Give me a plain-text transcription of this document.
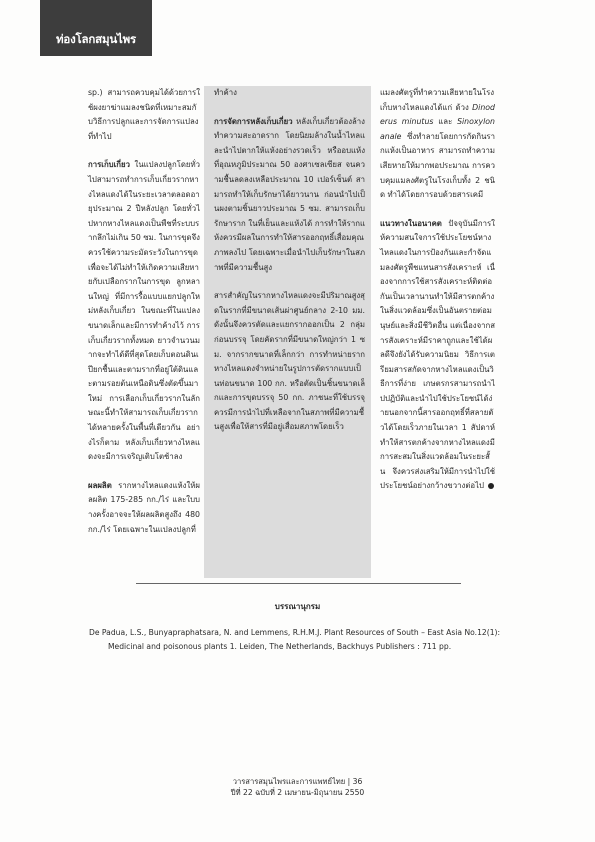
ท่องโลกสมุนไพร

sp.) สามารถควบคุมได้ด้วยการใช้ผงยาฆ่าแมลงชนิดที่เหมาะสมกับวิธีการปลูกและการจัดการแปลงที่ทำไป

การเก็บเกี่ยว ในแปลงปลูกโดยทั่วไปสามารถทำการเก็บเกี่ยวรากหางไหลแดงได้ในระยะเวลาตลอดอายุประมาณ 2 ปีหลังปลูก โดยทั่วไปหากหางไหลแดงเป็นพืชที่ระบบรากลึกไม่เกิน 50 ซม. ในการขุดจึงควรใช้ความระมัดระวังในการขุด เพื่อจะได้ไม่ทำให้เกิดความเสียหายกับเปลือกรากในการขุด ลูกหลานใหญ่ ที่มีการรื้อแบบแยกปลูกใหม่หลังเก็บเกี่ยว ในขณะที่ในแปลงขนาดเล็กและมีการทำค้างไว้ การเก็บเกี่ยวรากทั้งหมด ยาวจำนวนมากจะทำได้ดีที่สุดโดยเก็บตอนดินเปียกชื้นและตามรากที่อยู่ใต้ดินและตามรอยต้นเหนือดินซึ่งตัดขึ้นมาใหม่ การเลือกเก็บเกี่ยวรากในลักษณะนี้ทำให้สามารถเก็บเกี่ยวรากได้หลายครั้งในพื้นที่เดียวกัน อย่างไรก็ตาม หลังเก็บเกี่ยวหางไหลแดงจะมีการเจริญเติบโตช้าลง

ผลผลิต รากหางไหลแดงแห้งให้ผลผลิต 175-285 กก./ไร่ และใบบางครั้งอาจจะให้ผลผลิตสูงถึง 480 กก./ไร่ โดยเฉพาะในแปลงปลูกที่

ทำค้าง

การจัดการหลังเก็บเกี่ยว หลังเก็บเกี่ยวต้องล้างทำความสะอาดราก โดยนิยมล้างในน้ำไหลและนำไปตากให้แห้งอย่างรวดเร็ว หรืออบแห้งที่อุณหภูมิประมาณ 50 องศาเซลเซียส จนความชื้นลดลงเหลือประมาณ 10 เปอร์เซ็นต์ สามารถทำให้เก็บรักษาได้ยาวนาน ก่อนนำไปเป็นผงตามชิ้นยาวประมาณ 5 ซม. สามารถเก็บรักษาราก ในที่เย็นและแห้งได้ การทำให้รากแห้งควรมีผลในการทำให้สารออกฤทธิ์เสื่อมคุณภาพลงไป โดยเฉพาะเมื่อนำไปเก็บรักษาในสภาพที่มีความชื้นสูง

สารสำคัญในรากหางไหลแดงจะมีปริมาณสูงสุดในรากที่มีขนาดเส้นผ่าศูนย์กลาง 2-10 มม. ดังนั้นจึงควรตัดและแยกรากออกเป็น 2 กลุ่ม ก่อนบรรจุ โดยคัดรากที่มีขนาดใหญ่กว่า 1 ซม. จากรากขนาดที่เล็กกว่า การทำหน่ายรากหางไหลแดงจำหน่ายในรูปการตัดรากแบบเป็นท่อนขนาด 100 กก. หรือตัดเป็นชิ้นขนาดเล็กและการขุดบรรจุ 50 กก. ภาชนะที่ใช้บรรจุควรมีการนำไปที่เหลือจากในสภาพที่มีความชื้นสูงเพื่อให้สารที่มีอยู่เสื่อมสภาพโดยเร็ว

แมลงศัตรูที่ทำความเสียหายในโรงเก็บหางไหลแดงได้แก่ ด้วง Dinoderus minutus และ Sinoxylon anale ซึ่งทำลายโดยการกัดกินรากแห้งเป็นอาหาร สามารถทำความเสียหายให้มากพอประมาณ การควบคุมแมลงศัตรูในโรงเก็บทั้ง 2 ชนิด ทำได้โดยการอบด้วยสารเคมี

แนวทางในอนาคต ปัจจุบันมีการให้ความสนใจการใช้ประโยชน์หางไหลแดงในการป้องกันและกำจัดแมลงศัตรูพืชแทนสารสังเคราะห์ เนื่องจากการใช้สารสังเคราะห์ติดต่อกันเป็นเวลานานทำให้มีสารตกค้างในสิ่งแวดล้อมซึ่งเป็นอันตรายต่อมนุษย์และสิ่งมีชีวิตอื่น แต่เนื่องจากสารสังเคราะห์มีราคาถูกและใช้ได้ผลดีจึงยังได้รับความนิยม วิธีการเตรียมสารสกัดจากหางไหลแดงเป็นวิธีการที่ง่าย เกษตรกรสามารถนำไปปฏิบัติและนำไปใช้ประโยชน์ได้ง่ายนอกจากนี้สารออกฤทธิ์ที่สลายตัวได้โดยเร็วภายในเวลา 1 สัปดาห์ ทำให้สารตกค้างจากหางไหลแดงมีการสะสมในสิ่งแวดล้อมในระยะสั้น จึงควรส่งเสริมให้มีการนำไปใช้ประโยชน์อย่างกว้างขวางต่อไป

บรรณานุกรม
De Padua, L.S., Bunyapraphatsara, N. and Lemmens, R.H.M.J. Plant Resources of South – East Asia No.12(1):
Medicinal and poisonous plants 1. Leiden, The Netherlands, Backhuys Publishers : 711 pp.
วารสารสมุนไพรและการแพทย์ไทย | 36
ปีที่ 22 ฉบับที่ 2 เมษายน-มิถุนายน 2550
